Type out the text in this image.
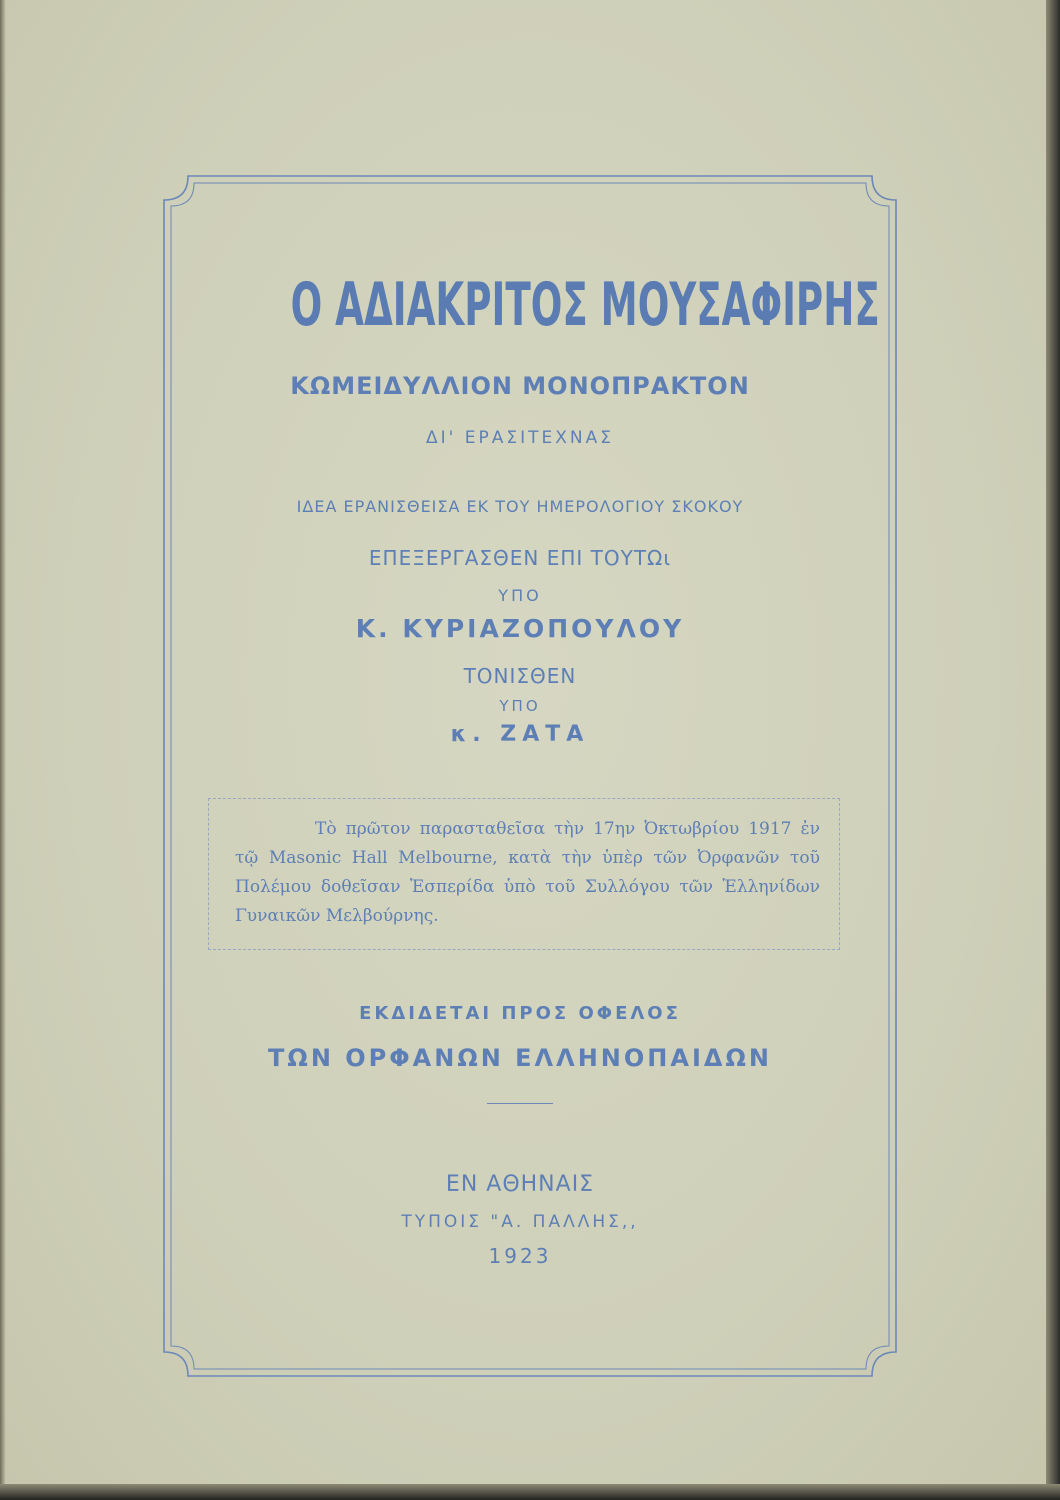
Ο ΑΔΙΑΚΡΙΤΟΣ ΜΟΥΣΑΦΙΡΗΣ
ΚΩΜΕΙΔΥΛΛΙΟΝ ΜΟΝΟΠΡΑΚΤΟΝ
ΔΙ' ΕΡΑΣΙΤΕΧΝΑΣ
ΙΔΕΑ ΕΡΑΝΙΣΘΕΙΣΑ ΕΚ ΤΟΥ ΗΜΕΡΟΛΟΓΙΟΥ ΣΚΟΚΟΥ
ΕΠΕΞΕΡΓΑΣΘΕΝ ΕΠΙ ΤΟΥΤΩι
ΥΠΟ
Κ. ΚΥΡΙΑΖΟΠΟΥΛΟΥ
ΤΟΝΙΣΘΕΝ
ΥΠΟ
κ. ΖΑΤΑ
Τὸ πρῶτον παρασταθεῖσα τὴν 17ην Ὀκτωβρίου 1917 ἐν τῷ Masonic Hall Melbourne, κατὰ τὴν ὑπὲρ τῶν Ὀρφανῶν τοῦ Πολέμου δοθεῖσαν Ἑσπερίδα ὑπὸ τοῦ Συλλόγου τῶν Ἑλληνίδων Γυναικῶν Μελβούρνης.
ΕΚΔΙΔΕΤΑΙ ΠΡΟΣ ΟΦΕΛΟΣ
ΤΩΝ ΟΡΦΑΝΩΝ ΕΛΛΗΝΟΠΑΙΔΩΝ
ΕΝ ΑΘΗΝΑΙΣ
ΤΥΠΟΙΣ "Α. ΠΑΛΛΗΣ,,
1923
